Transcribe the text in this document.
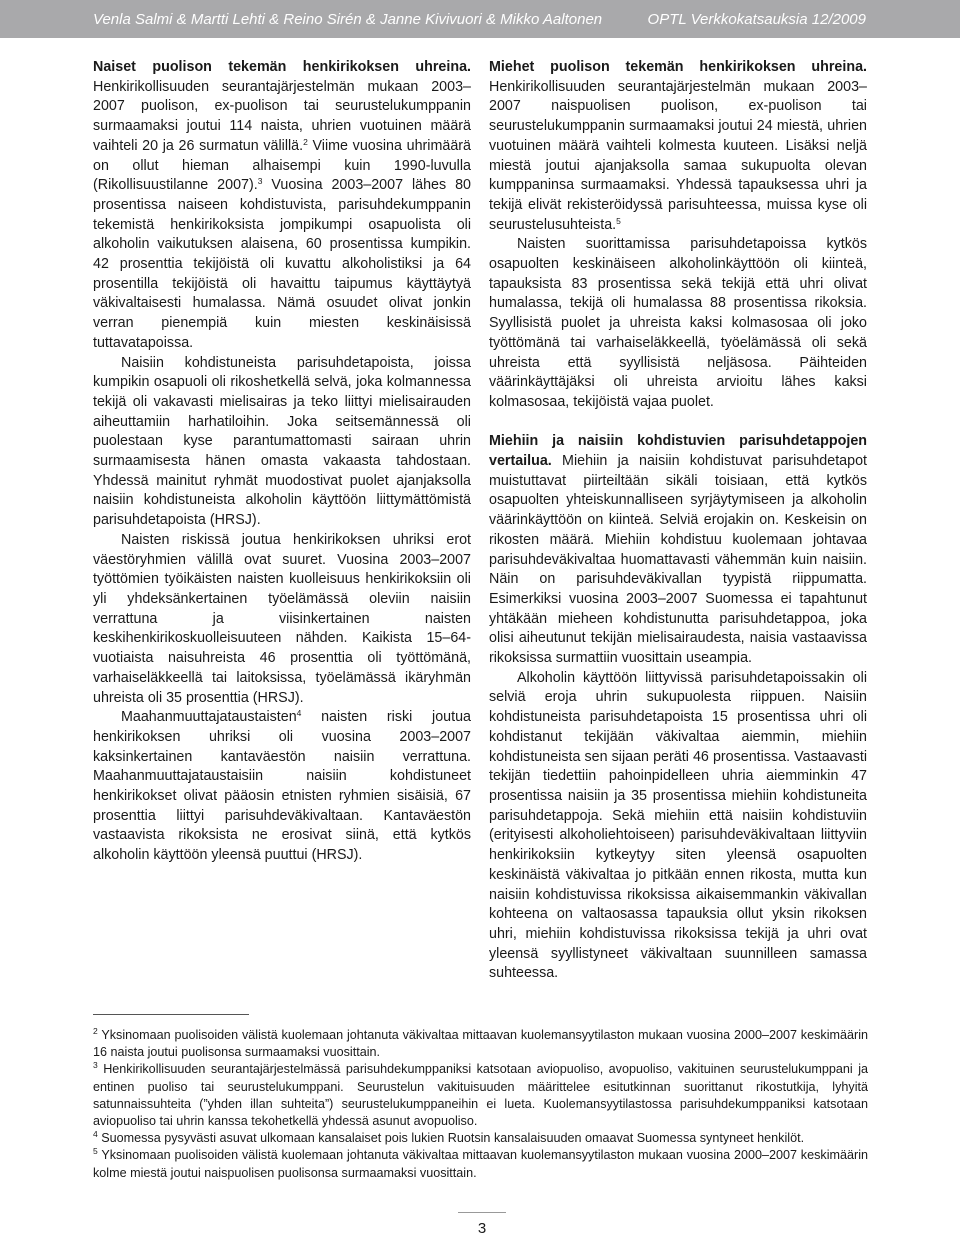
Venla Salmi & Martti Lehti & Reino Sirén & Janne Kivivuori & Mikko Aaltonen	OPTL Verkkokatsauksia 12/2009

Naiset puolison tekemän henkirikoksen uhreina. Henkirikollisuuden seurantajärjestelmän mukaan 2003–2007 puolison, ex-puolison tai seurustelukumppanin surmaamaksi joutui 114 naista, uhrien vuotuinen määrä vaihteli 20 ja 26 surmatun välillä.$^2$ Viime vuosina uhrimäärä on ollut hieman alhaisempi kuin 1990-luvulla (Rikollisuustilanne 2007).$^3$ Vuosina 2003–2007 lähes 80 prosentissa naiseen kohdistuvista, parisuhdekumppanin tekemistä henkirikoksista jompikumpi osapuolista oli alkoholin vaikutuksen alaisena, 60 prosentissa kumpikin. 42 prosenttia tekijöistä oli kuvattu alkoholistiksi ja 64 prosentilla tekijöistä oli havaittu taipumus käyttäytyä väkivaltaisesti humalassa. Nämä osuudet olivat jonkin verran pienempiä kuin miesten keskinäisissä tuttavatapoissa.

Naisiin kohdistuneista parisuhdetapoista, joissa kumpikin osapuoli oli rikoshetkellä selvä, joka kolmannessa tekijä oli vakavasti mielisairas ja teko liittyi mielisairauden aiheuttamiin harhatiloihin. Joka seitsemännessä oli puolestaan kyse parantumattomasti sairaan uhrin surmaamisesta hänen omasta vakaasta tahdostaan. Yhdessä mainitut ryhmät muodostivat puolet ajanjaksolla naisiin kohdistuneista alkoholin käyttöön liittymättömistä parisuhdetapoista (HRSJ).

Naisten riskissä joutua henkirikoksen uhriksi erot väestöryhmien välillä ovat suuret. Vuosina 2003–2007 työttömien työikäisten naisten kuolleisuus henkirikoksiin oli yli yhdeksänkertainen työelämässä oleviin naisiin verrattuna ja viisinkertainen naisten keskihenkirikoskuolleisuuteen nähden. Kaikista 15–64-vuotiaista naisuhreista 46 prosenttia oli työttömänä, varhaiseläkkeellä tai laitoksissa, työelämässä ikäryhmän uhreista oli 35 prosenttia (HRSJ).

Maahanmuuttajataustaisten$^4$ naisten riski joutua henkirikoksen uhriksi oli vuosina 2003–2007 kaksinkertainen kantaväestön naisiin verrattuna. Maahanmuuttajataustaisiin naisiin kohdistuneet henkirikokset olivat pääosin etnisten ryhmien sisäisiä, 67 prosenttia liittyi parisuhdeväkivaltaan. Kantaväestön vastaavista rikoksista ne erosivat siinä, että kytkös alkoholin käyttöön yleensä puuttui (HRSJ).

Miehet puolison tekemän henkirikoksen uhreina. Henkirikollisuuden seurantajärjestelmän mukaan 2003–2007 naispuolisen puolison, ex-puolison tai seurustelukumppanin surmaamaksi joutui 24 miestä, uhrien vuotuinen määrä vaihteli kolmesta kuuteen. Lisäksi neljä miestä joutui ajanjaksolla samaa sukupuolta olevan kumppaninsa surmaamaksi. Yhdessä tapauksessa uhri ja tekijä elivät rekisteröidyssä parisuhteessa, muissa kyse oli seurustelusuhteista.$^5$

Naisten suorittamissa parisuhdetapoissa kytkös osapuolten keskinäiseen alkoholinkäyttöön oli kiinteä, tapauksista 83 prosentissa sekä tekijä että uhri olivat humalassa, tekijä oli humalassa 88 prosentissa rikoksia. Syyllisistä puolet ja uhreista kaksi kolmasosaa oli joko työttömänä tai varhaiseläkkeellä, työelämässä oli sekä uhreista että syyllisistä neljäsosa. Päihteiden väärinkäyttäjäksi oli uhreista arvioitu lähes kaksi kolmasosaa, tekijöistä vajaa puolet.

Miehiin ja naisiin kohdistuvien parisuhdetappojen vertailua. Miehiin ja naisiin kohdistuvat parisuhdetapot muistuttavat piirteiltään sikäli toisiaan, että kytkös osapuolten yhteiskunnalliseen syrjäytymiseen ja alkoholin väärinkäyttöön on kiinteä. Selviä erojakin on. Keskeisin on rikosten määrä. Miehiin kohdistuu kuolemaan johtavaa parisuhdeväkivaltaa huomattavasti vähemmän kuin naisiin. Näin on parisuhdeväkivallan tyypistä riippumatta. Esimerkiksi vuosina 2003–2007 Suomessa ei tapahtunut yhtäkään mieheen kohdistunutta parisuhdetappoa, joka olisi aiheutunut tekijän mielisairaudesta, naisia vastaavissa rikoksissa surmattiin vuosittain useampia.

Alkoholin käyttöön liittyvissä parisuhdetapoissakin oli selviä eroja uhrin sukupuolesta riippuen. Naisiin kohdistuneista parisuhdetapoista 15 prosentissa uhri oli kohdistanut tekijään väkivaltaa aiemmin, miehiin kohdistuneista sen sijaan peräti 46 prosentissa. Vastaavasti tekijän tiedettiin pahoinpidelleen uhria aiemminkin 47 prosentissa naisiin ja 35 prosentissa miehiin kohdistuneita parisuhdetappoja. Sekä miehiin että naisiin kohdistuviin (erityisesti alkoholiehtoiseen) parisuhdeväkivaltaan liittyviin henkirikoksiin kytkeytyy siten yleensä osapuolten keskinäistä väkivaltaa jo pitkään ennen rikosta, mutta kun naisiin kohdistuvissa rikoksissa aikaisemmankin väkivallan kohteena on valtaosassa tapauksia ollut yksin rikoksen uhri, miehiin kohdistuvissa rikoksissa tekijä ja uhri ovat yleensä syyllistyneet väkivaltaan suunnilleen samassa suhteessa.

$^2$ Yksinomaan puolisoiden välistä kuolemaan johtanuta väkivaltaa mittaavan kuolemansyytilaston mukaan vuosina 2000–2007 keskimäärin 16 naista joutui puolisonsa surmaamaksi vuosittain.

$^3$ Henkirikollisuuden seurantajärjestelmässä parisuhdekumppaniksi katsotaan aviopuoliso, avopuoliso, vakituinen seurustelukumppani ja entinen puoliso tai seurustelukumppani. Seurustelun vakituisuuden määrittelee esitutkinnan suorittanut rikostutkija, lyhyitä satunnaissuhteita (”yhden illan suhteita”) seurustelukumppaneihin ei lueta. Kuolemansyytilastossa parisuhdekumppaniksi katsotaan aviopuoliso tai uhrin kanssa tekohetkellä yhdessä asunut avopuoliso.

$^4$ Suomessa pysyvästi asuvat ulkomaan kansalaiset pois lukien Ruotsin kansalaisuuden omaavat Suomessa syntyneet henkilöt.

$^5$ Yksinomaan puolisoiden välistä kuolemaan johtanuta väkivaltaa mittaavan kuolemansyytilaston mukaan vuosina 2000–2007 keskimäärin kolme miestä joutui naispuolisen puolisonsa surmaamaksi vuosittain.

3
